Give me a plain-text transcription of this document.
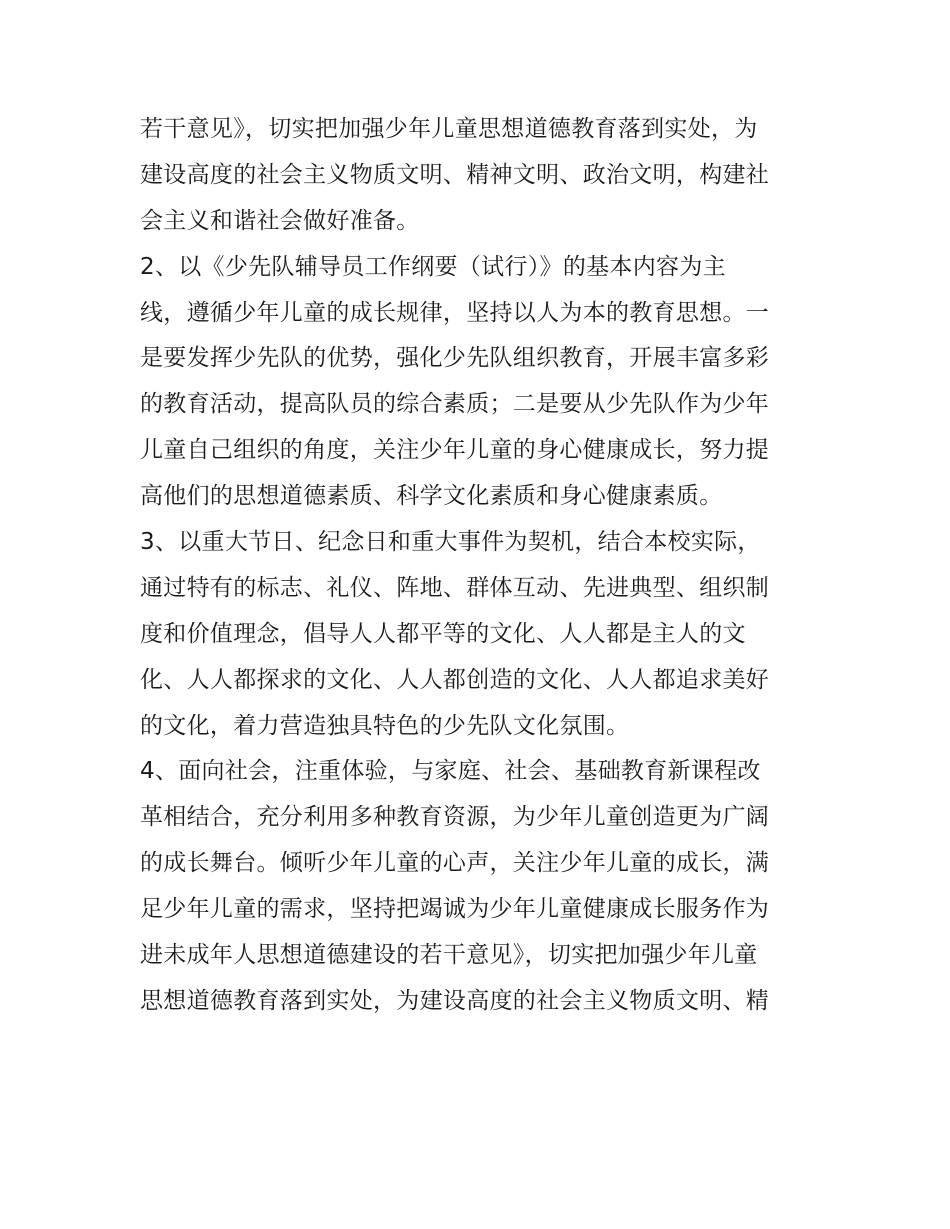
若干意见》，切实把加强少年儿童思想道德教育落到实处，为
建设高度的社会主义物质文明、精神文明、政治文明，构建社
会主义和谐社会做好准备。
2、以《少先队辅导员工作纲要（试行）》的基本内容为主
线，遵循少年儿童的成长规律，坚持以人为本的教育思想。一
是要发挥少先队的优势，强化少先队组织教育，开展丰富多彩
的教育活动，提高队员的综合素质；二是要从少先队作为少年
儿童自己组织的角度，关注少年儿童的身心健康成长，努力提
高他们的思想道德素质、科学文化素质和身心健康素质。
3、以重大节日、纪念日和重大事件为契机，结合本校实际，
通过特有的标志、礼仪、阵地、群体互动、先进典型、组织制
度和价值理念，倡导人人都平等的文化、人人都是主人的文
化、人人都探求的文化、人人都创造的文化、人人都追求美好
的文化，着力营造独具特色的少先队文化氛围。
4、面向社会，注重体验，与家庭、社会、基础教育新课程改
革相结合，充分利用多种教育资源，为少年儿童创造更为广阔
的成长舞台。倾听少年儿童的心声，关注少年儿童的成长，满
足少年儿童的需求，坚持把竭诚为少年儿童健康成长服务作为
进未成年人思想道德建设的若干意见》，切实把加强少年儿童
思想道德教育落到实处，为建设高度的社会主义物质文明、精
